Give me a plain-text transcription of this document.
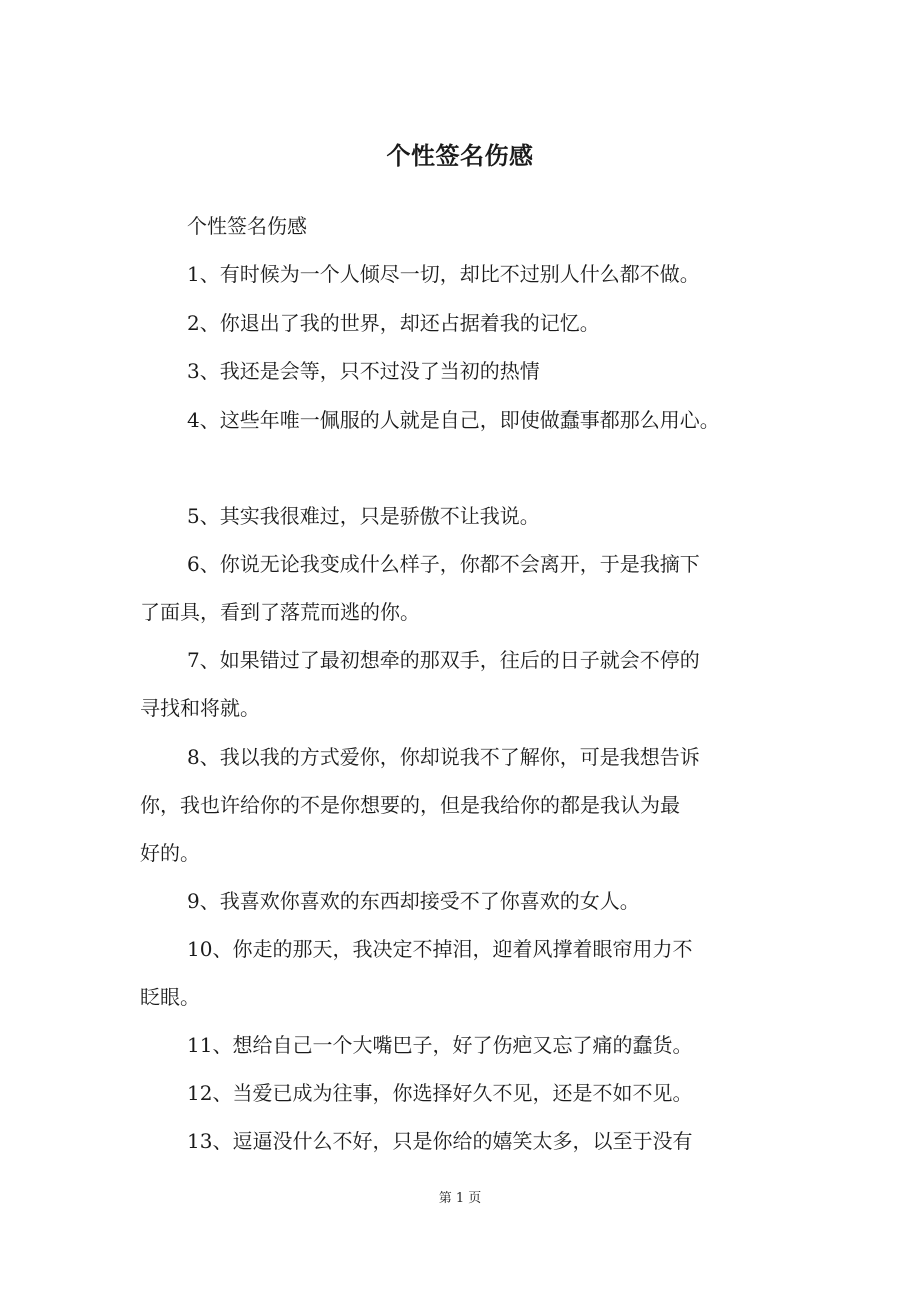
个性签名伤感
个性签名伤感
1、有时候为一个人倾尽一切，却比不过别人什么都不做。
2、你退出了我的世界，却还占据着我的记忆。
3、我还是会等，只不过没了当初的热情
4、这些年唯一佩服的人就是自己，即使做蠢事都那么用心。
5、其实我很难过，只是骄傲不让我说。
6、你说无论我变成什么样子，你都不会离开，于是我摘下
了面具，看到了落荒而逃的你。
7、如果错过了最初想牵的那双手，往后的日子就会不停的
寻找和将就。
8、我以我的方式爱你，你却说我不了解你，可是我想告诉
你，我也许给你的不是你想要的，但是我给你的都是我认为最
好的。
9、我喜欢你喜欢的东西却接受不了你喜欢的女人。
10、你走的那天，我决定不掉泪，迎着风撑着眼帘用力不
眨眼。
11、想给自己一个大嘴巴子，好了伤疤又忘了痛的蠢货。
12、当爱已成为往事，你选择好久不见，还是不如不见。
13、逗逼没什么不好，只是你给的嬉笑太多，以至于没有
第 1 页
